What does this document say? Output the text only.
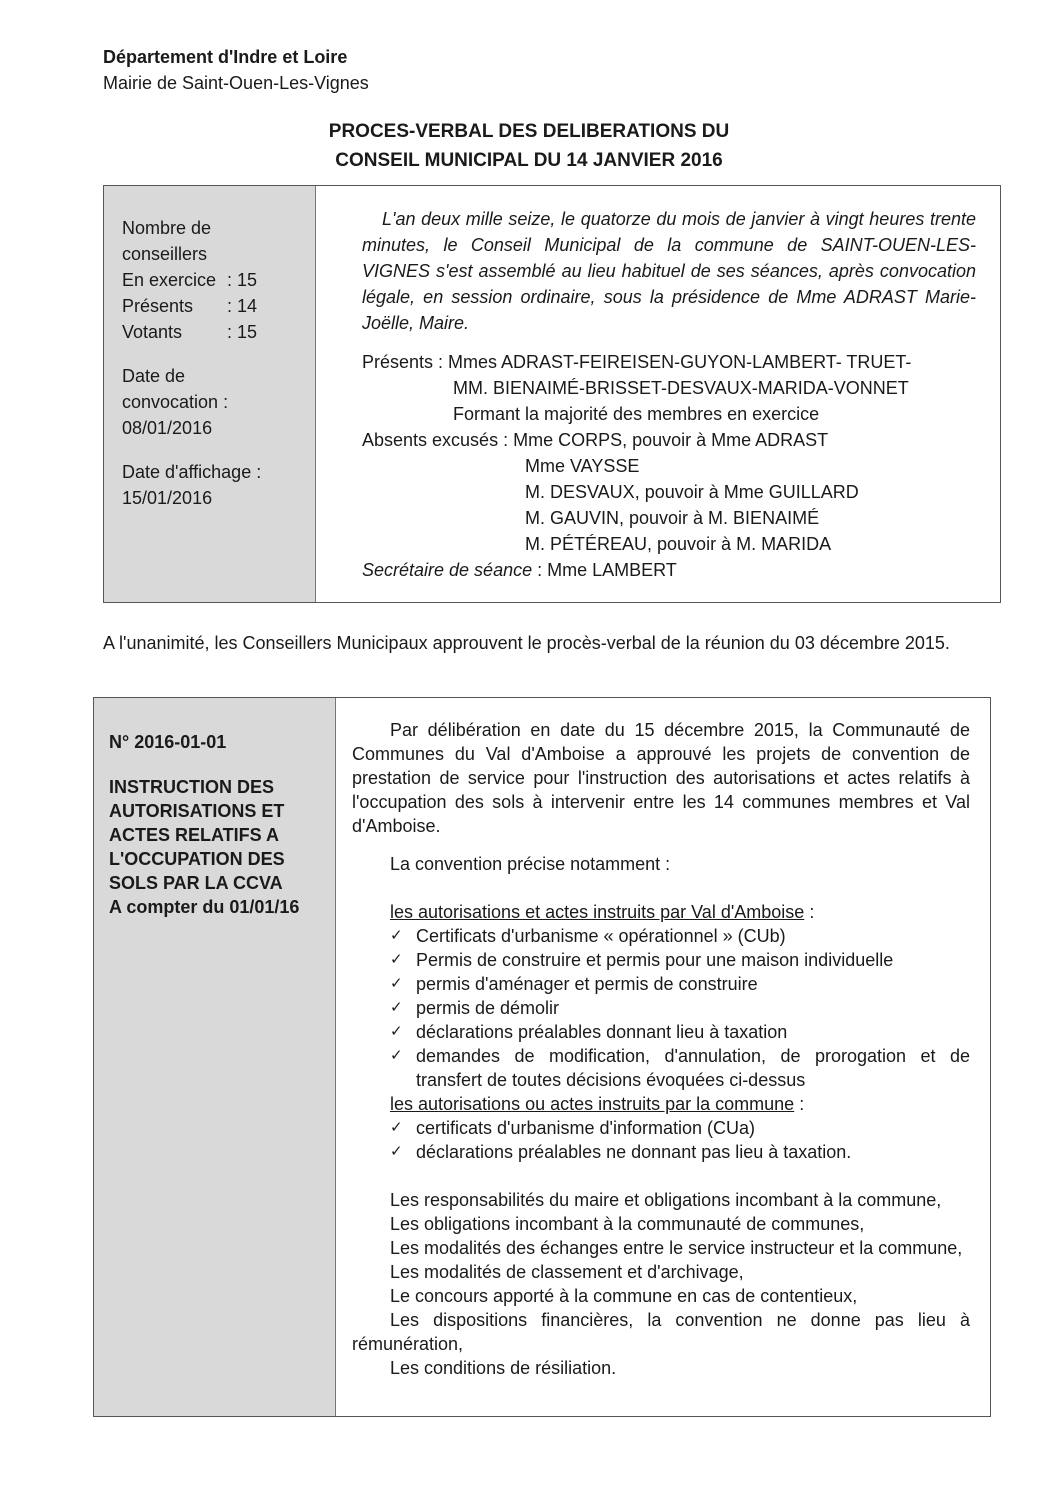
Département d'Indre et Loire
Mairie de Saint-Ouen-Les-Vignes
PROCES-VERBAL DES DELIBERATIONS DU
CONSEIL MUNICIPAL DU 14 JANVIER 2016
Nombre de
conseillers
En exercice : 15
Présents	: 14
Votants	: 15
Date de
convocation :
08/01/2016
Date d'affichage :
15/01/2016
L'an deux mille seize, le quatorze du mois de janvier à vingt heures trente minutes, le Conseil Municipal de la commune de SAINT-OUEN-LES-VIGNES s'est assemblé au lieu habituel de ses séances, après convocation légale, en session ordinaire, sous la présidence de Mme ADRAST Marie-Joëlle, Maire.
Présents : Mmes ADRAST-FEIREISEN-GUYON-LAMBERT- TRUET-
MM. BIENAIMÉ-BRISSET-DESVAUX-MARIDA-VONNET
Formant la majorité des membres en exercice
Absents excusés : Mme CORPS, pouvoir à Mme ADRAST
Mme VAYSSE
M. DESVAUX, pouvoir à Mme GUILLARD
M. GAUVIN, pouvoir à M. BIENAIMÉ
M. PÉTÉREAU, pouvoir à M. MARIDA
Secrétaire de séance : Mme LAMBERT
A l'unanimité, les Conseillers Municipaux approuvent le procès-verbal de la réunion du 03 décembre 2015.
N° 2016-01-01
INSTRUCTION DES
AUTORISATIONS ET
ACTES RELATIFS A
L'OCCUPATION DES
SOLS PAR LA CCVA
A compter du 01/01/16
Par délibération en date du 15 décembre 2015, la Communauté de Communes du Val d'Amboise a approuvé les projets de convention de prestation de service pour l'instruction des autorisations et actes relatifs à l'occupation des sols à intervenir entre les 14 communes membres et Val d'Amboise.
La convention précise notamment :
les autorisations et actes instruits par Val d'Amboise :
✓ Certificats d'urbanisme « opérationnel » (CUb)
✓ Permis de construire et permis pour une maison individuelle
✓ permis d'aménager et permis de construire
✓ permis de démolir
✓ déclarations préalables donnant lieu à taxation
✓ demandes de modification, d'annulation, de prorogation et de transfert de toutes décisions évoquées ci-dessus
les autorisations ou actes instruits par la commune :
✓ certificats d'urbanisme d'information (CUa)
✓ déclarations préalables ne donnant pas lieu à taxation.
Les responsabilités du maire et obligations incombant à la commune,
Les obligations incombant à la communauté de communes,
Les modalités des échanges entre le service instructeur et la commune,
Les modalités de classement et d'archivage,
Le concours apporté à la commune en cas de contentieux,
Les dispositions financières, la convention ne donne pas lieu à rémunération,
Les conditions de résiliation.
